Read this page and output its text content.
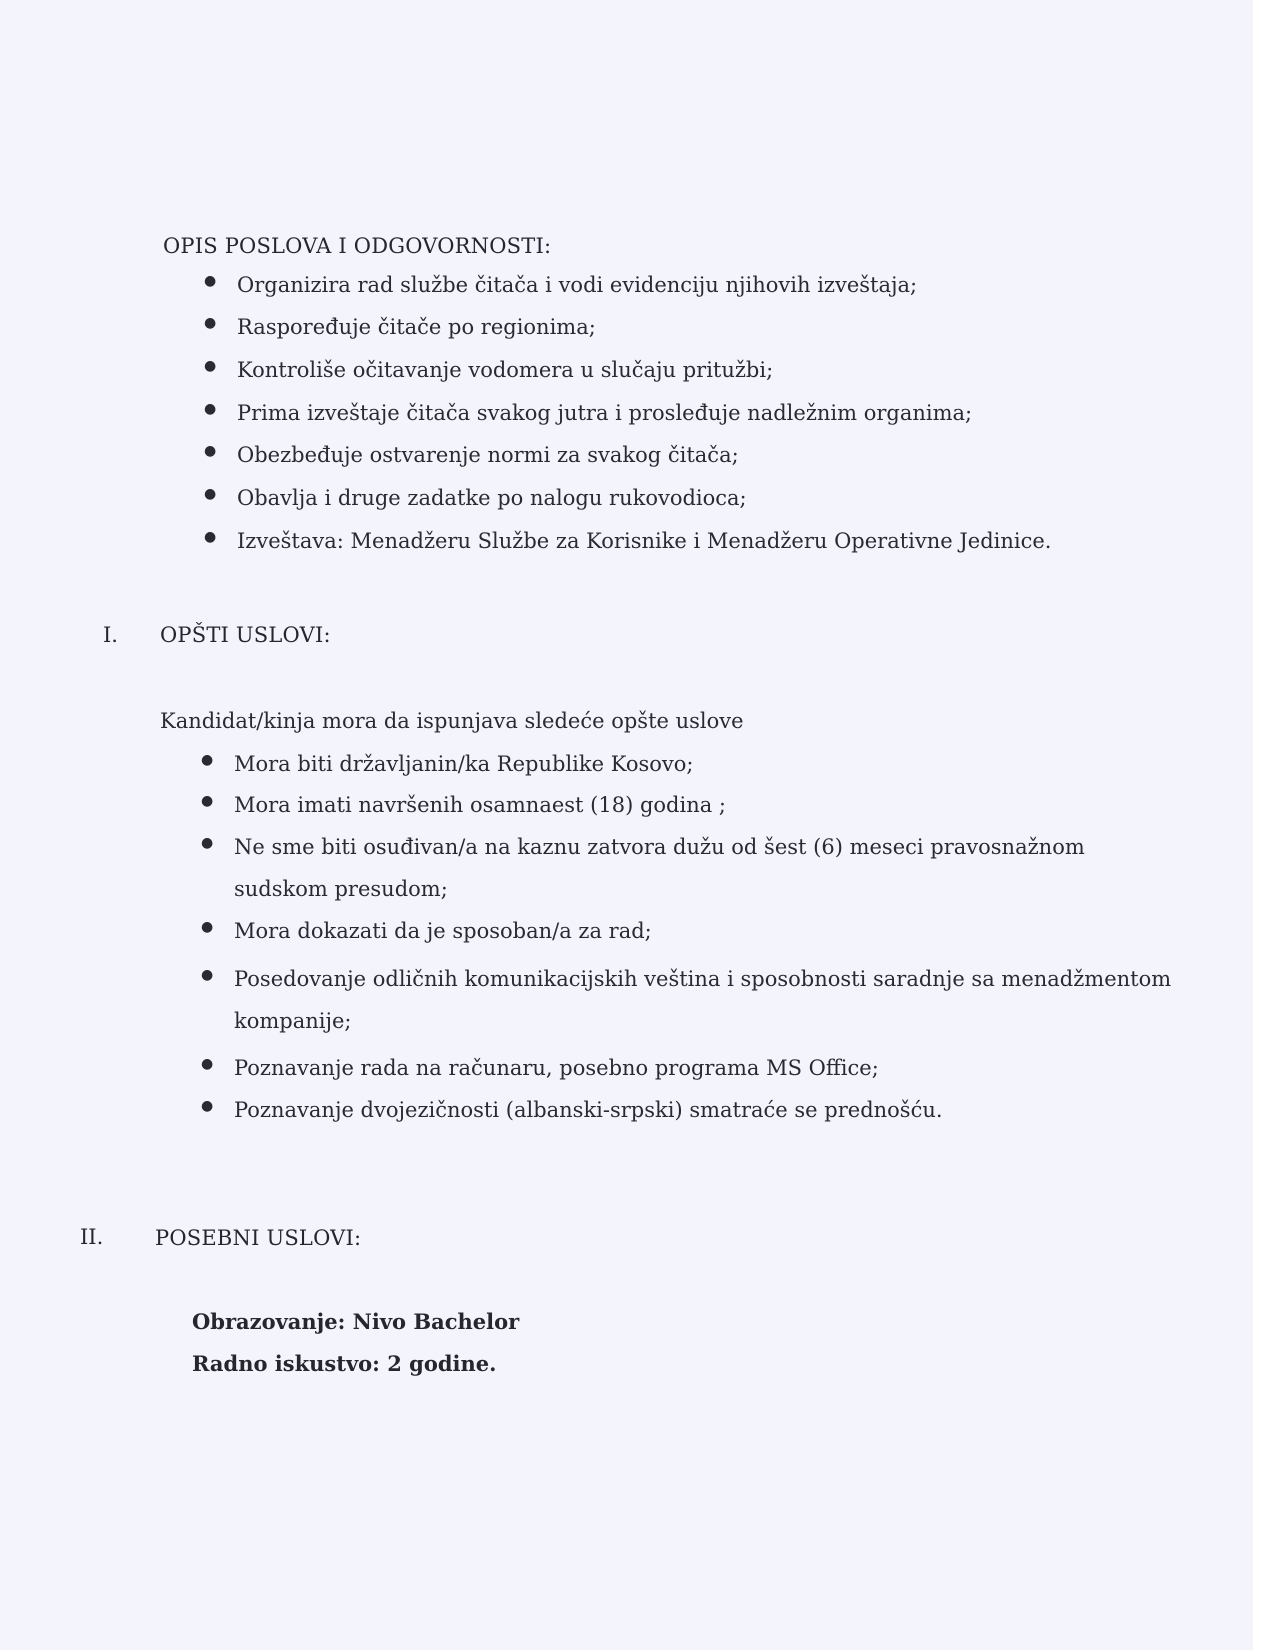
OPIS POSLOVA I ODGOVORNOSTI:
● Organizira rad službe čitača i vodi evidenciju njihovih izveštaja;
● Raspoređuje čitače po regionima;
● Kontroliše očitavanje vodomera u slučaju pritužbi;
● Prima izveštaje čitača svakog jutra i prosleđuje nadležnim organima;
● Obezbeđuje ostvarenje normi za svakog čitača;
● Obavlja i druge zadatke po nalogu rukovodioca;
● Izveštava: Menadžeru Službe za Korisnike i Menadžeru Operativne Jedinice.
I. OPŠTI USLOVI:
Kandidat/kinja mora da ispunjava sledeće opšte uslove
● Mora biti državljanin/ka Republike Kosovo;
● Mora imati navršenih osamnaest (18) godina ;
● Ne sme biti osuđivan/a na kaznu zatvora dužu od šest (6) meseci pravosnažnom
sudskom presudom;
● Mora dokazati da je sposoban/a za rad;
● Posedovanje odličnih komunikacijskih veština i sposobnosti saradnje sa menadžmentom
kompanije;
● Poznavanje rada na računaru, posebno programa MS Office;
● Poznavanje dvojezičnosti (albanski-srpski) smatraće se prednošću.
II. POSEBNI USLOVI:
Obrazovanje: Nivo Bachelor
Radno iskustvo: 2 godine.
